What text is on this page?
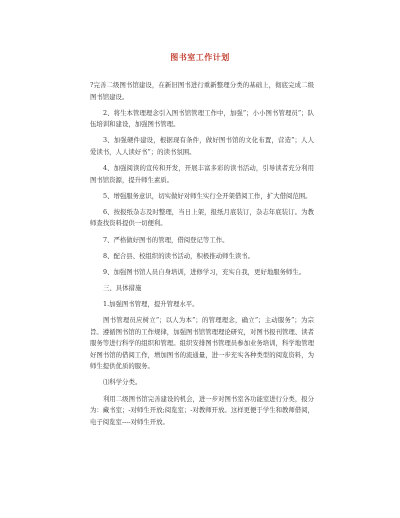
图书室工作计划

?完善二级图书馆建设，在新旧图书进行重新整理分类的基础上，彻底完成二级图书馆建设。

2、将生本管理理念引入图书馆管理工作中，加强”；小小图书管理员”；队伍培训和建设，加强图书管理。

3、加强硬件建设，根据现有条件，做好图书馆的文化布置，营造”；人人爱读书，人人读好书”；的读书氛围。

4、加强阅读的宣传和开发，开展丰富多彩的读书活动，引导读者充分利用图书馆资源，提升师生素质。

5、增强服务意识，切实做好对师生实行全开架借阅工作，扩大借阅范围。

6、按报纸杂志及时整理，当日上架，报纸月底装订，杂志年底装订。为教师查找资料提供一切便利。

7、严格做好图书的管理，借阅登记等工作。

8、配合县、校组织的读书活动，积极推动师生读书。

9、加强图书馆人员自身培训，进修学习，充实自我，更好地服务师生。

三、具体措施

1.加强图书管理，提升管理水平。

图书管理员应树立”；以人为本”；的管理理念，确立”；主动服务”；为宗旨。遵循图书馆的工作规律，加强图书馆管理理论研究，对图书报刊管理、读者服务等进行科学的组织和管理。组织安排图书管理员参加业务培训，科学地管理好图书馆的借阅工作，增加图书的流通量，进一步充实各种类型的阅览资料，为师生提供优质的服务。

⑴科学分类。

利用二级图书馆完善建设的机会，进一步对图书室各功能室进行分类，报分为：藏书室；-对师生开放;阅览室；-对教师开放。这样更便于学生和教师借阅，电子阅览室----对师生开放。
